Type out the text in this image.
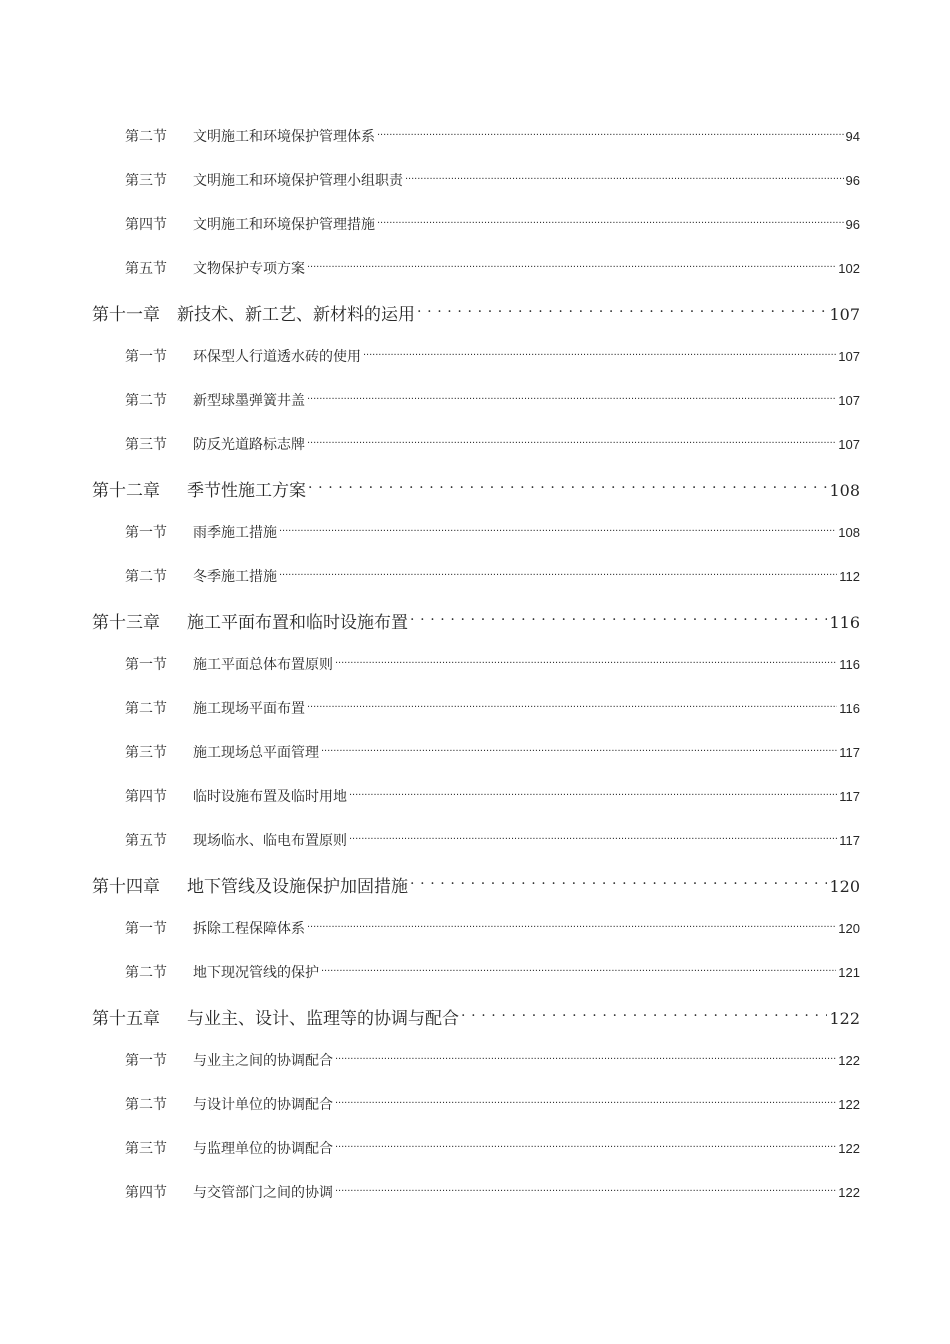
第二节	文明施工和环境保护管理体系 .....	94
第三节	文明施工和环境保护管理小组职责 .....	96
第四节	文明施工和环境保护管理措施 .....	96
第五节	文物保护专项方案 .....	102
第十一章	新技术、新工艺、新材料的运用 . . .	107
第一节	环保型人行道透水砖的使用 .....	107
第二节	新型球墨弹簧井盖 .....	107
第三节	防反光道路标志牌 .....	107
第十二章	季节性施工方案 . . .	108
第一节	雨季施工措施 .....	108
第二节	冬季施工措施 .....	112
第十三章	施工平面布置和临时设施布置 . . .	116
第一节	施工平面总体布置原则 .....	116
第二节	施工现场平面布置 .....	116
第三节	施工现场总平面管理 .....	117
第四节	临时设施布置及临时用地 .....	117
第五节	现场临水、临电布置原则 .....	117
第十四章	地下管线及设施保护加固措施 . . .	120
第一节	拆除工程保障体系 .....	120
第二节	地下现况管线的保护 .....	121
第十五章	与业主、设计、监理等的协调与配合 . . .	122
第一节	与业主之间的协调配合 .....	122
第二节	与设计单位的协调配合 .....	122
第三节	与监理单位的协调配合 .....	122
第四节	与交管部门之间的协调 .....	122
